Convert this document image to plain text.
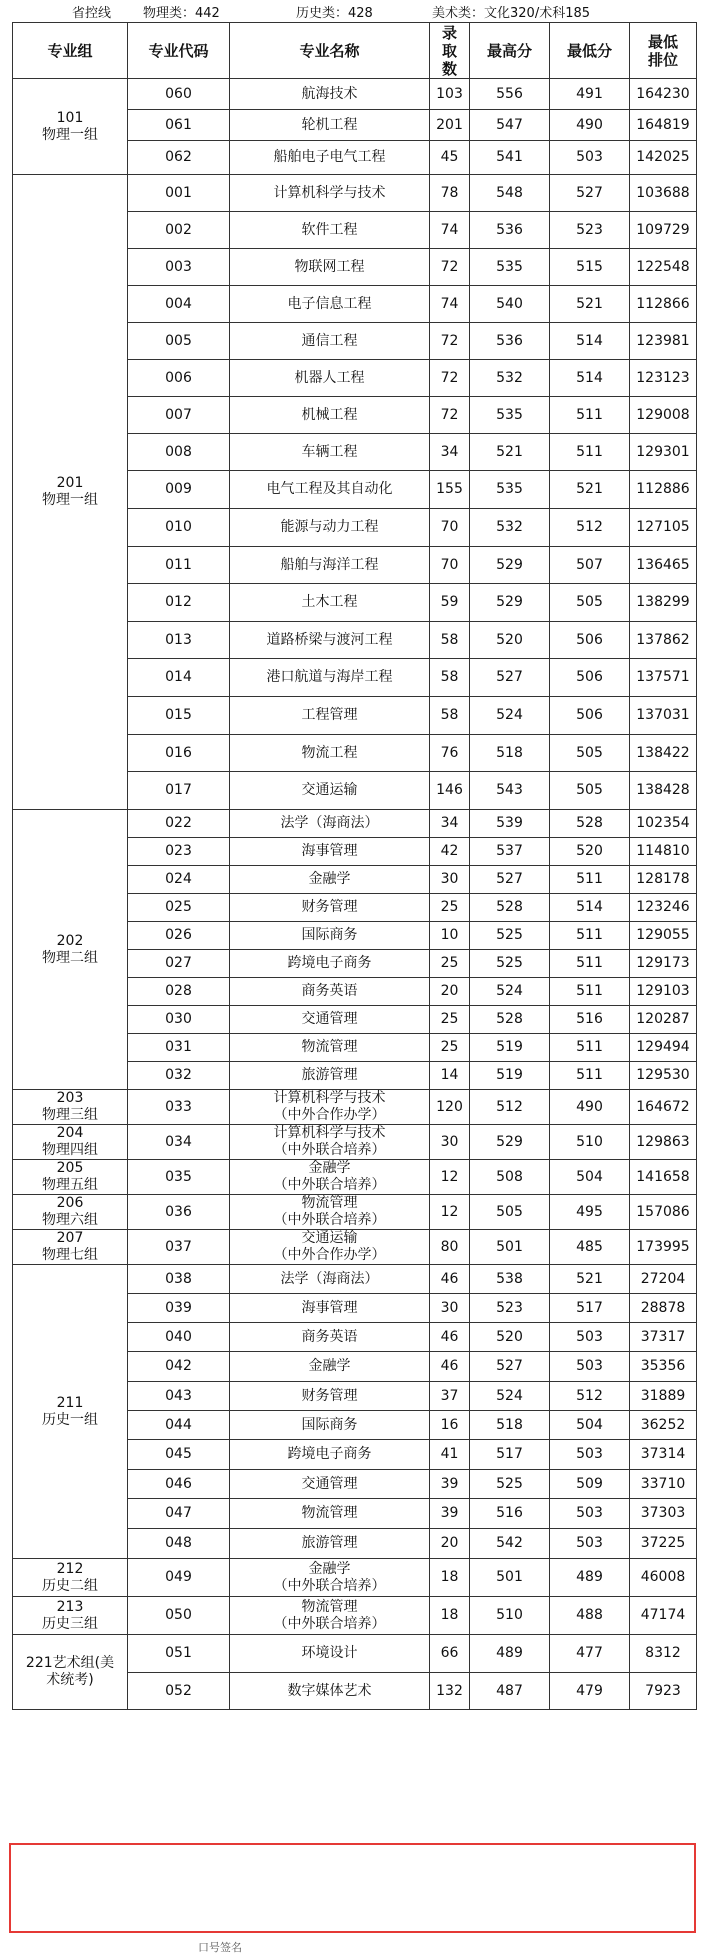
省控线 物理类：442	历史类：428	美术类：文化320/术科185
专业组	专业代码	专业名称	录
取
数	最高分	最低分	最低
排位
101
物理一组	060	航海技术	103	556	491	164230
	061	轮机工程	201	547	490	164819
	062	船舶电子电气工程	45	541	503	142025
201
物理一组	001	计算机科学与技术	78	548	527	103688
	002	软件工程	74	536	523	109729
	003	物联网工程	72	535	515	122548
	004	电子信息工程	74	540	521	112866
	005	通信工程	72	536	514	123981
	006	机器人工程	72	532	514	123123
	007	机械工程	72	535	511	129008
	008	车辆工程	34	521	511	129301
	009	电气工程及其自动化	155	535	521	112886
	010	能源与动力工程	70	532	512	127105
	011	船舶与海洋工程	70	529	507	136465
	012	土木工程	59	529	505	138299
	013	道路桥梁与渡河工程	58	520	506	137862
	014	港口航道与海岸工程	58	527	506	137571
	015	工程管理	58	524	506	137031
	016	物流工程	76	518	505	138422
	017	交通运输	146	543	505	138428
202
物理二组	022	法学（海商法）	34	539	528	102354
	023	海事管理	42	537	520	114810
	024	金融学	30	527	511	128178
	025	财务管理	25	528	514	123246
	026	国际商务	10	525	511	129055
	027	跨境电子商务	25	525	511	129173
	028	商务英语	20	524	511	129103
	030	交通管理	25	528	516	120287
	031	物流管理	25	519	511	129494
	032	旅游管理	14	519	511	129530
203
物理三组	033	计算机科学与技术
（中外合作办学）	120	512	490	164672
204
物理四组	034	计算机科学与技术
（中外联合培养）	30	529	510	129863
205
物理五组	035	金融学
（中外联合培养）	12	508	504	141658
206
物理六组	036	物流管理
（中外联合培养）	12	505	495	157086
207
物理七组	037	交通运输
（中外合作办学）	80	501	485	173995
211
历史一组	038	法学（海商法）	46	538	521	27204
	039	海事管理	30	523	517	28878
	040	商务英语	46	520	503	37317
	042	金融学	46	527	503	35356
	043	财务管理	37	524	512	31889
	044	国际商务	16	518	504	36252
	045	跨境电子商务	41	517	503	37314
	046	交通管理	39	525	509	33710
	047	物流管理	39	516	503	37303
	048	旅游管理	20	542	503	37225
212
历史二组	049	金融学
（中外联合培养）	18	501	489	46008
213
历史三组	050	物流管理
（中外联合培养）	18	510	488	47174
221艺术组(美
术统考)	051	环境设计	66	489	477	8312
	052	数字媒体艺术	132	487	479	7923
口号签名
